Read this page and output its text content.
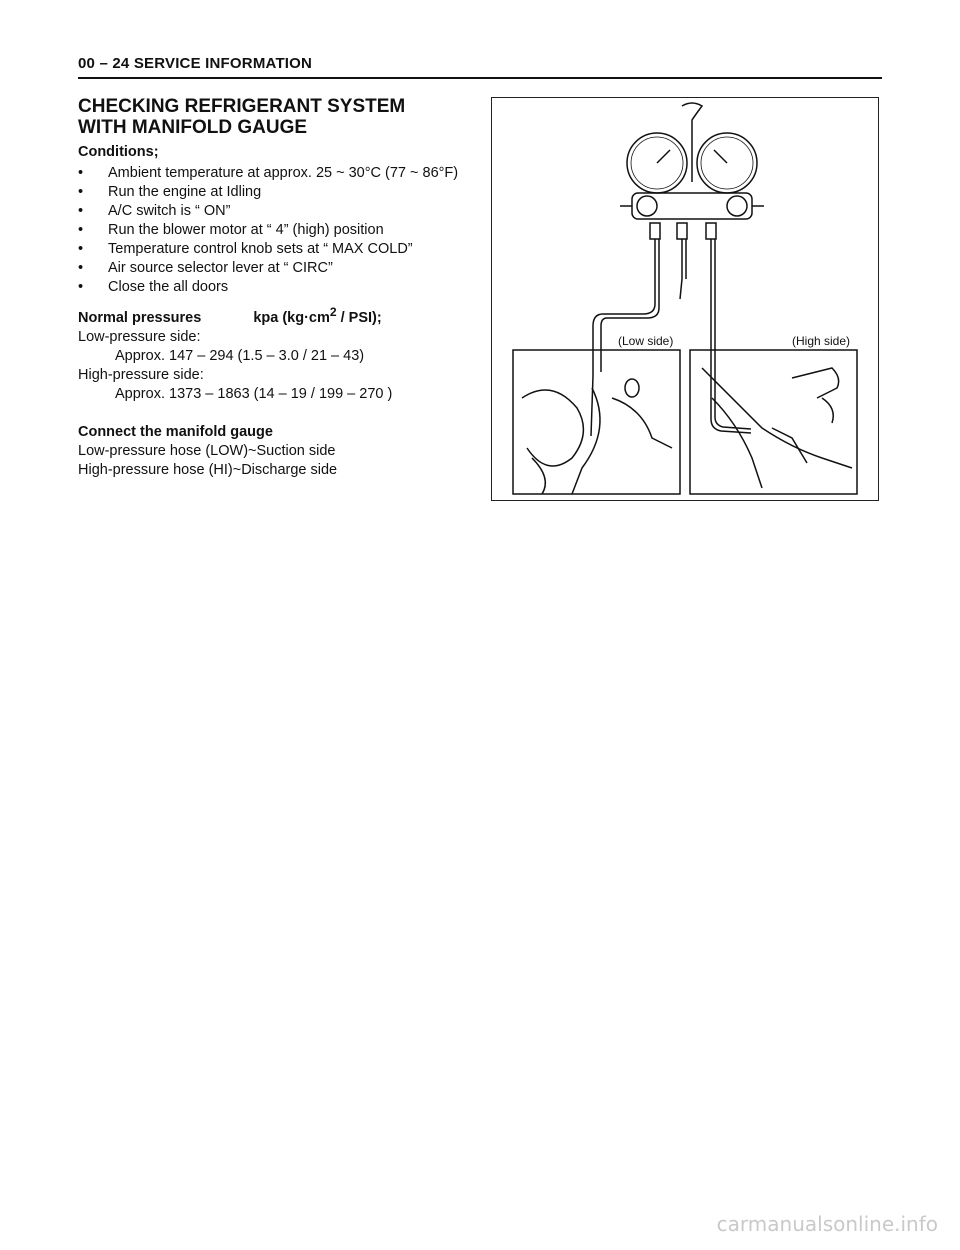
00 – 24 SERVICE INFORMATION
CHECKING REFRIGERANT SYSTEM
WITH MANIFOLD GAUGE
Conditions;
• Ambient temperature at approx. 25 ~ 30°C (77 ~ 86°F)
• Run the engine at Idling
• A/C switch is “ ON”
• Run the blower motor at “ 4” (high) position
• Temperature control knob sets at “ MAX COLD”
• Air source selector lever at “ CIRC”
• Close the all doors
Normal pressures	kpa $(kg\cdot cm^2 / PSI)$;
Low-pressure side:
Approx. 147 – 294 (1.5 – 3.0 / 21 – 43)
High-pressure side:
Approx. 1373 – 1863 (14 – 19 / 199 – 270 )
Connect the manifold gauge
Low-pressure hose (LOW)~Suction side
High-pressure hose (HI)~Discharge side
(Low side)	(High side)
carmanualsonline.info
